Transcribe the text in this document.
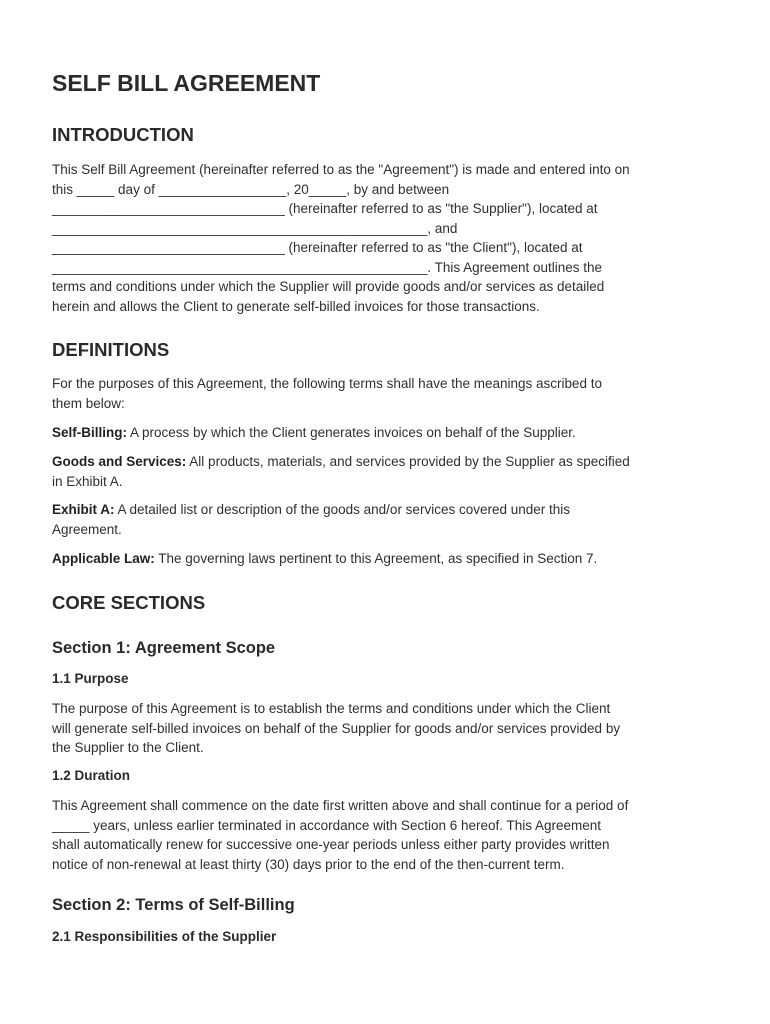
SELF BILL AGREEMENT
INTRODUCTION

This Self Bill Agreement (hereinafter referred to as the "Agreement") is made and entered into on
this _____ day of _________________, 20_____, by and between
_______________________________ (hereinafter referred to as "the Supplier"), located at
__________________________________________________, and
_______________________________ (hereinafter referred to as "the Client"), located at
__________________________________________________. This Agreement outlines the
terms and conditions under which the Supplier will provide goods and/or services as detailed
herein and allows the Client to generate self-billed invoices for those transactions.

DEFINITIONS

For the purposes of this Agreement, the following terms shall have the meanings ascribed to
them below:

Self-Billing: A process by which the Client generates invoices on behalf of the Supplier.

Goods and Services: All products, materials, and services provided by the Supplier as specified
in Exhibit A.

Exhibit A: A detailed list or description of the goods and/or services covered under this
Agreement.

Applicable Law: The governing laws pertinent to this Agreement, as specified in Section 7.

CORE SECTIONS
Section 1: Agreement Scope
1.1 Purpose

The purpose of this Agreement is to establish the terms and conditions under which the Client
will generate self-billed invoices on behalf of the Supplier for goods and/or services provided by
the Supplier to the Client.

1.2 Duration

This Agreement shall commence on the date first written above and shall continue for a period of
_____ years, unless earlier terminated in accordance with Section 6 hereof. This Agreement
shall automatically renew for successive one-year periods unless either party provides written
notice of non-renewal at least thirty (30) days prior to the end of the then-current term.

Section 2: Terms of Self-Billing
2.1 Responsibilities of the Supplier
